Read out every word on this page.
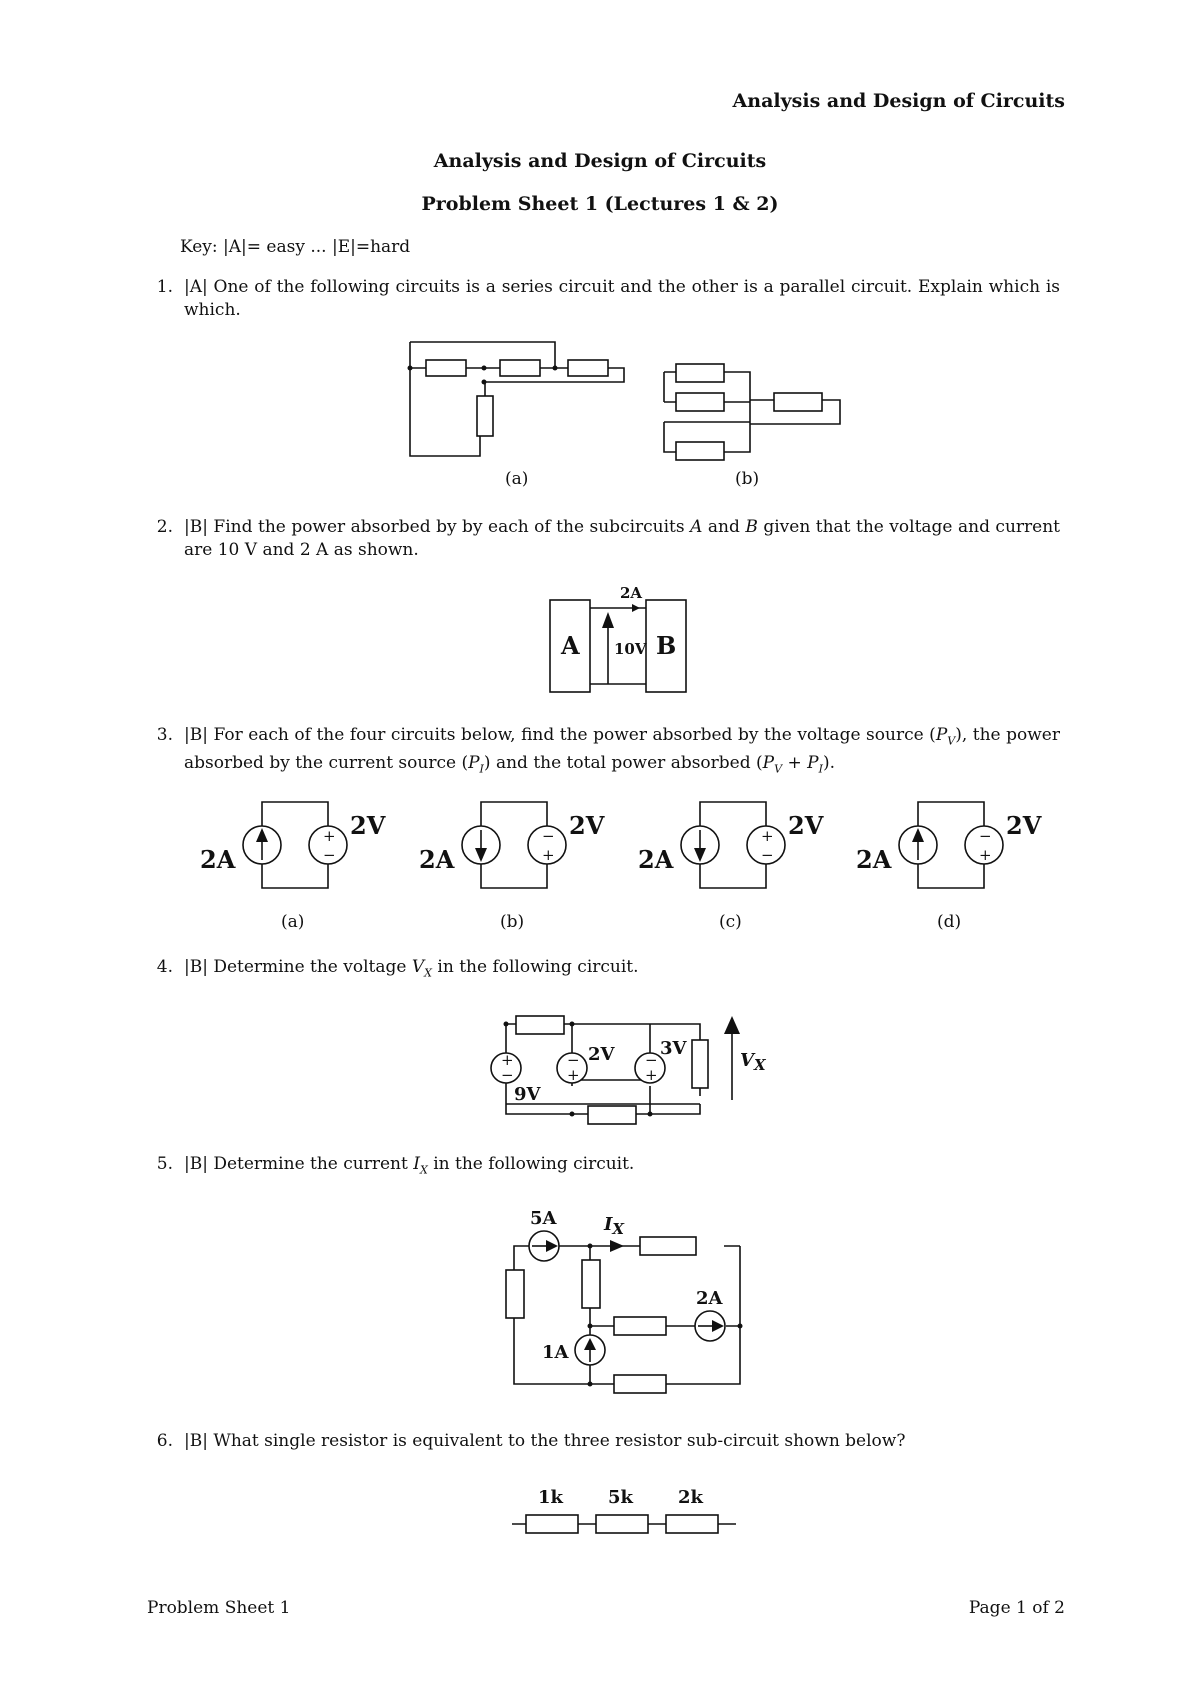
Analysis and Design of Circuits
Analysis and Design of Circuits
Problem Sheet 1 (Lectures 1 & 2)
Key: |A|= easy ... |E|=hard
1. |A| One of the following circuits is a series circuit and the other is a parallel circuit. Explain which is which.
(a)	(b)
2. |B| Find the power absorbed by by each of the subcircuits A and B given that the voltage and current are 10 V and 2 A as shown.
A	B
2A
10V
3. |B| For each of the four circuits below, find the power absorbed by the voltage source $(P_V)$, the power absorbed by the current source $(P_I)$ and the total power absorbed $(P_V + P_I)$.
+
−
2A
2V
(a)
−
+
2A
2V
(b)
+
−
2A
2V
(c)
−
+
2A
2V
(d)
4. |B| Determine the voltage $V_X$ in the following circuit.
+
−
−
+
−
+
9V
2V	3V
$V_X$
5. |B| Determine the current $I_X$ in the following circuit.
5A
2A
1A
$I_X$
6. |B| What single resistor is equivalent to the three resistor sub-circuit shown below?
1k	5k	2k
Problem Sheet 1	Page 1 of 2
